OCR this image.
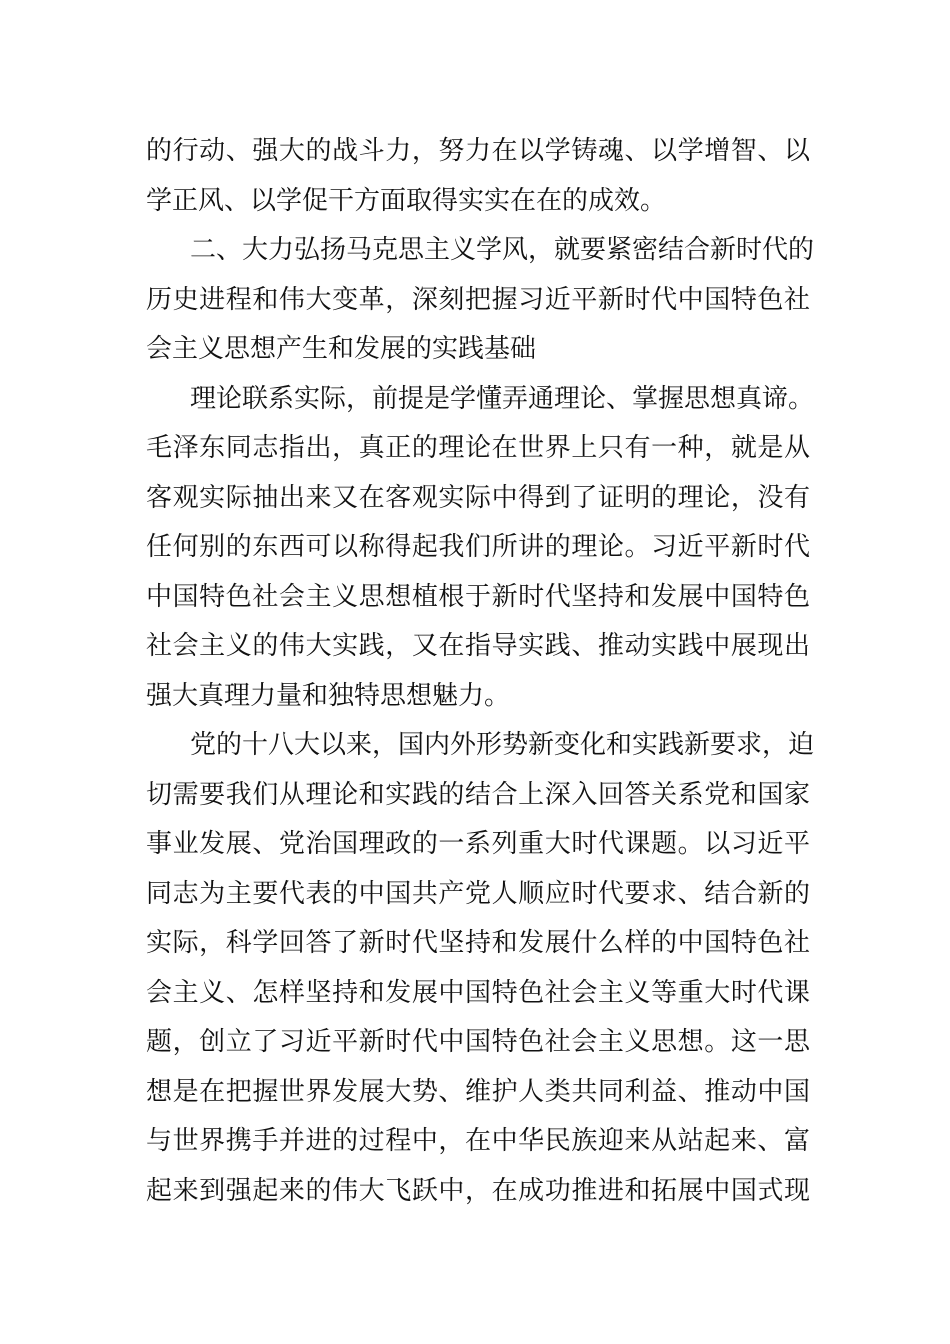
的行动、强大的战斗力，努力在以学铸魂、以学增智、以
学正风、以学促干方面取得实实在在的成效。
二、大力弘扬马克思主义学风，就要紧密结合新时代的
历史进程和伟大变革，深刻把握习近平新时代中国特色社
会主义思想产生和发展的实践基础
理论联系实际，前提是学懂弄通理论、掌握思想真谛。
毛泽东同志指出，真正的理论在世界上只有一种，就是从
客观实际抽出来又在客观实际中得到了证明的理论，没有
任何别的东西可以称得起我们所讲的理论。习近平新时代
中国特色社会主义思想植根于新时代坚持和发展中国特色
社会主义的伟大实践，又在指导实践、推动实践中展现出
强大真理力量和独特思想魅力。
党的十八大以来，国内外形势新变化和实践新要求，迫
切需要我们从理论和实践的结合上深入回答关系党和国家
事业发展、党治国理政的一系列重大时代课题。以习近平
同志为主要代表的中国共产党人顺应时代要求、结合新的
实际，科学回答了新时代坚持和发展什么样的中国特色社
会主义、怎样坚持和发展中国特色社会主义等重大时代课
题，创立了习近平新时代中国特色社会主义思想。这一思
想是在把握世界发展大势、维护人类共同利益、推动中国
与世界携手并进的过程中，在中华民族迎来从站起来、富
起来到强起来的伟大飞跃中，在成功推进和拓展中国式现
